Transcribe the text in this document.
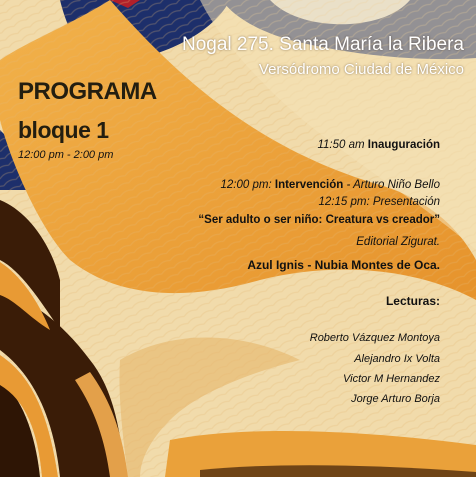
Nogal 275. Santa María la Ribera

Versódromo Ciudad de México

PROGRAMA

bloque 1

12:00 pm - 2:00 pm

11:50 am Inauguración

12:00 pm: Intervención - Arturo Niño Bello

12:15 pm: Presentación

“Ser adulto o ser niño: Creatura vs creador”

Editorial Zigurat.

Azul Ignis - Nubia Montes de Oca.

Lecturas:

Roberto Vázquez Montoya

Alejandro Ix Volta

Victor M Hernandez

Jorge Arturo Borja
